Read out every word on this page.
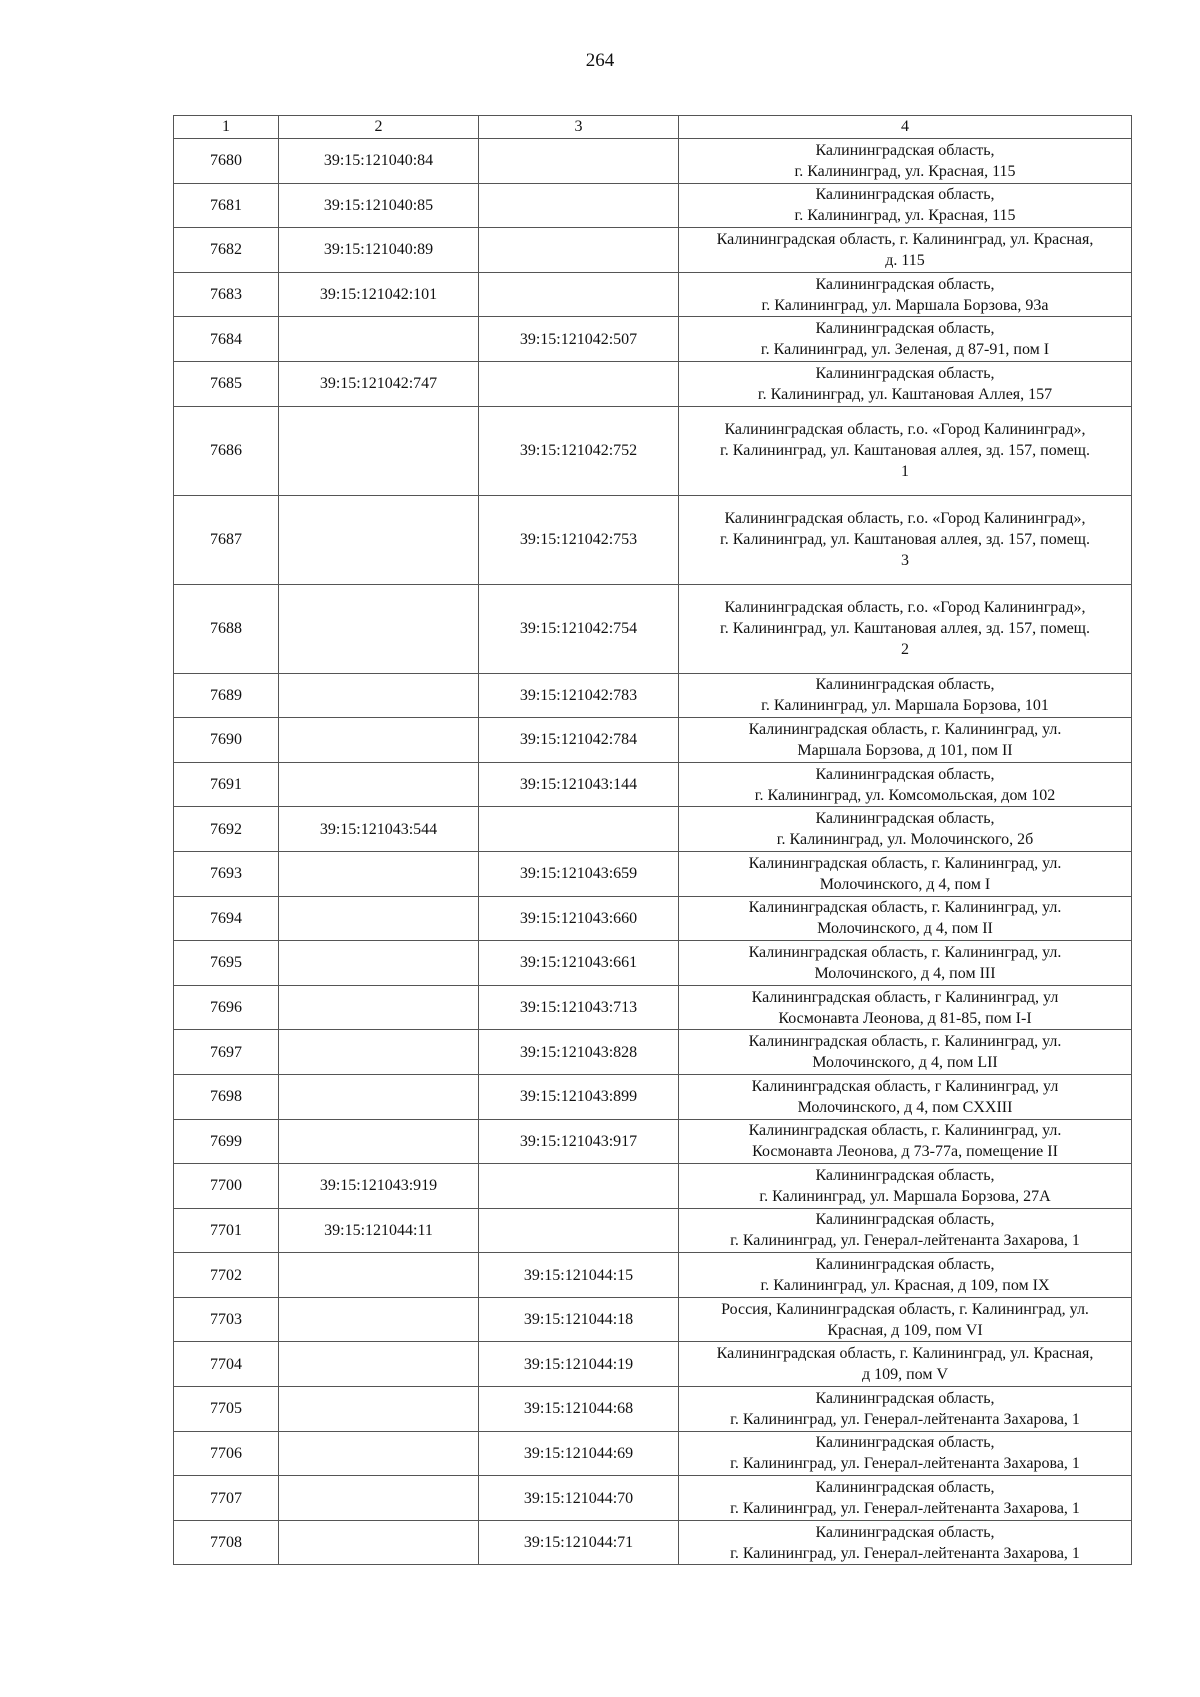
264
1	2	3	4
7680	39:15:121040:84		Калининградская область,
г. Калининград, ул. Красная, 115
7681	39:15:121040:85		Калининградская область,
г. Калининград, ул. Красная, 115
7682	39:15:121040:89		Калининградская область, г. Калининград, ул. Красная,
д. 115
7683	39:15:121042:101		Калининградская область,
г. Калининград, ул. Маршала Борзова, 93а
7684		39:15:121042:507	Калининградская область,
г. Калининград, ул. Зеленая, д 87-91, пом I
7685	39:15:121042:747		Калининградская область,
г. Калининград, ул. Каштановая Аллея, 157
7686		39:15:121042:752	Калининградская область, г.о. «Город Калининград»,
г. Калининград, ул. Каштановая аллея, зд. 157, помещ.
1
7687		39:15:121042:753	Калининградская область, г.о. «Город Калининград»,
г. Калининград, ул. Каштановая аллея, зд. 157, помещ.
3
7688		39:15:121042:754	Калининградская область, г.о. «Город Калининград»,
г. Калининград, ул. Каштановая аллея, зд. 157, помещ.
2
7689		39:15:121042:783	Калининградская область,
г. Калининград, ул. Маршала Борзова, 101
7690		39:15:121042:784	Калининградская область, г. Калининград, ул.
Маршала Борзова, д 101, пом II
7691		39:15:121043:144	Калининградская область,
г. Калининград, ул. Комсомольская, дом 102
7692	39:15:121043:544		Калининградская область,
г. Калининград, ул. Молочинского, 2б
7693		39:15:121043:659	Калининградская область, г. Калининград, ул.
Молочинского, д 4, пом I
7694		39:15:121043:660	Калининградская область, г. Калининград, ул.
Молочинского, д 4, пом II
7695		39:15:121043:661	Калининградская область, г. Калининград, ул.
Молочинского, д 4, пом III
7696		39:15:121043:713	Калининградская область, г Калининград, ул
Космонавта Леонова, д 81-85, пом I-I
7697		39:15:121043:828	Калининградская область, г. Калининград, ул.
Молочинского, д 4, пом LII
7698		39:15:121043:899	Калининградская область, г Калининград, ул
Молочинского, д 4, пом CXXIII
7699		39:15:121043:917	Калининградская область, г. Калининград, ул.
Космонавта Леонова, д 73-77а, помещение II
7700	39:15:121043:919		Калининградская область,
г. Калининград, ул. Маршала Борзова, 27А
7701	39:15:121044:11		Калининградская область,
г. Калининград, ул. Генерал-лейтенанта Захарова, 1
7702		39:15:121044:15	Калининградская область,
г. Калининград, ул. Красная, д 109, пом IX
7703		39:15:121044:18	Россия, Калининградская область, г. Калининград, ул.
Красная, д 109, пом VI
7704		39:15:121044:19	Калининградская область, г. Калининград, ул. Красная,
д 109, пом V
7705		39:15:121044:68	Калининградская область,
г. Калининград, ул. Генерал-лейтенанта Захарова, 1
7706		39:15:121044:69	Калининградская область,
г. Калининград, ул. Генерал-лейтенанта Захарова, 1
7707		39:15:121044:70	Калининградская область,
г. Калининград, ул. Генерал-лейтенанта Захарова, 1
7708		39:15:121044:71	Калининградская область,
г. Калининград, ул. Генерал-лейтенанта Захарова, 1
